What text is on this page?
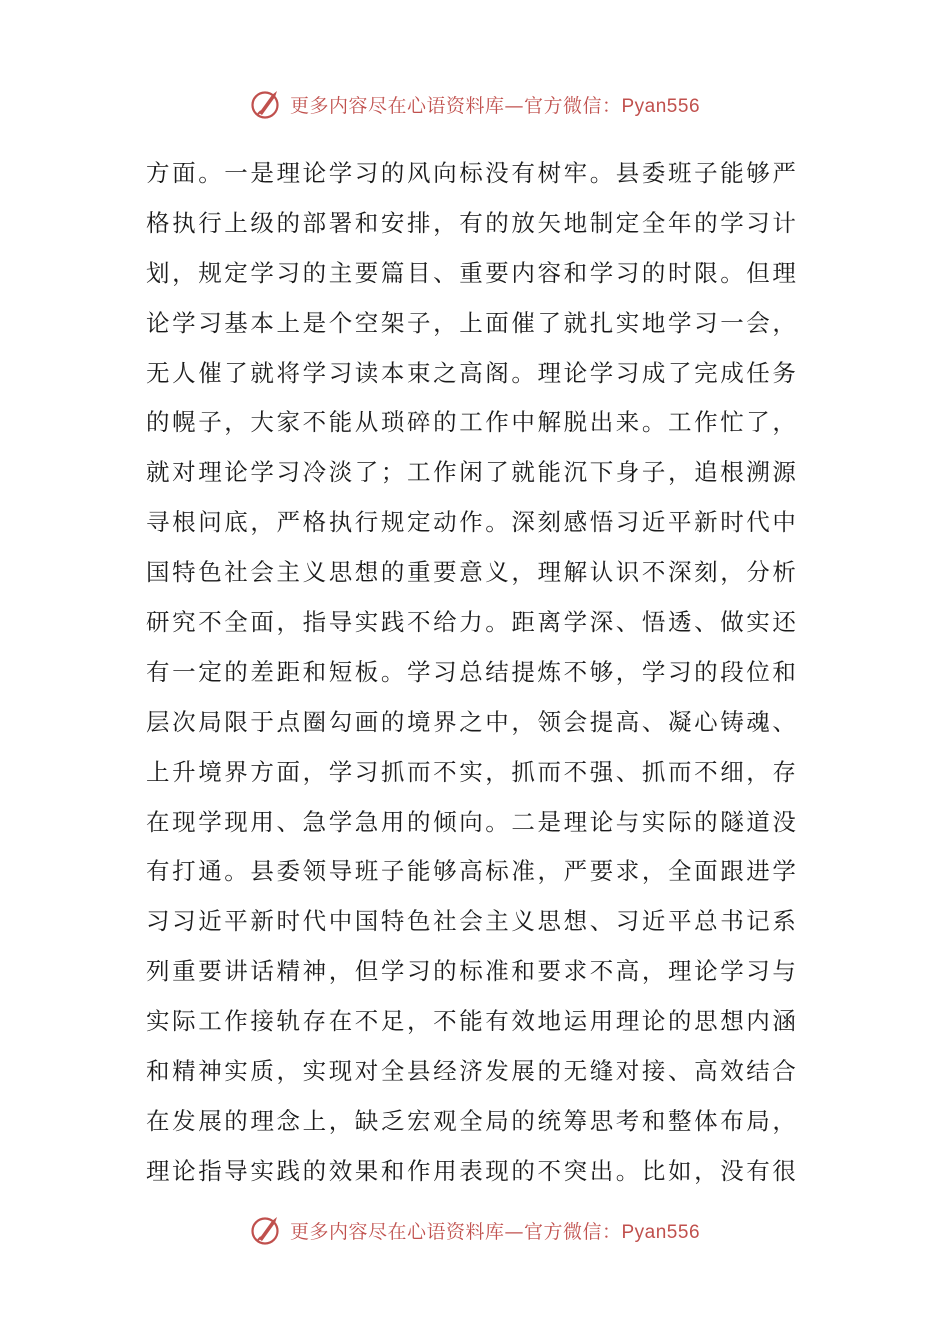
更多内容尽在心语资料库—官方微信：Pyan556
方面。一是理论学习的风向标没有树牢。县委班子能够严
格执行上级的部署和安排，有的放矢地制定全年的学习计
划，规定学习的主要篇目、重要内容和学习的时限。但理
论学习基本上是个空架子，上面催了就扎实地学习一会，
无人催了就将学习读本束之高阁。理论学习成了完成任务
的幌子，大家不能从琐碎的工作中解脱出来。工作忙了，
就对理论学习冷淡了；工作闲了就能沉下身子，追根溯源
寻根问底，严格执行规定动作。深刻感悟习近平新时代中
国特色社会主义思想的重要意义，理解认识不深刻，分析
研究不全面，指导实践不给力。距离学深、悟透、做实还
有一定的差距和短板。学习总结提炼不够，学习的段位和
层次局限于点圈勾画的境界之中，领会提高、凝心铸魂、
上升境界方面，学习抓而不实，抓而不强、抓而不细，存
在现学现用、急学急用的倾向。二是理论与实际的隧道没
有打通。县委领导班子能够高标准，严要求，全面跟进学
习习近平新时代中国特色社会主义思想、习近平总书记系
列重要讲话精神，但学习的标准和要求不高，理论学习与
实际工作接轨存在不足，不能有效地运用理论的思想内涵
和精神实质，实现对全县经济发展的无缝对接、高效结合
在发展的理念上，缺乏宏观全局的统筹思考和整体布局，
理论指导实践的效果和作用表现的不突出。比如，没有很
更多内容尽在心语资料库—官方微信：Pyan556
